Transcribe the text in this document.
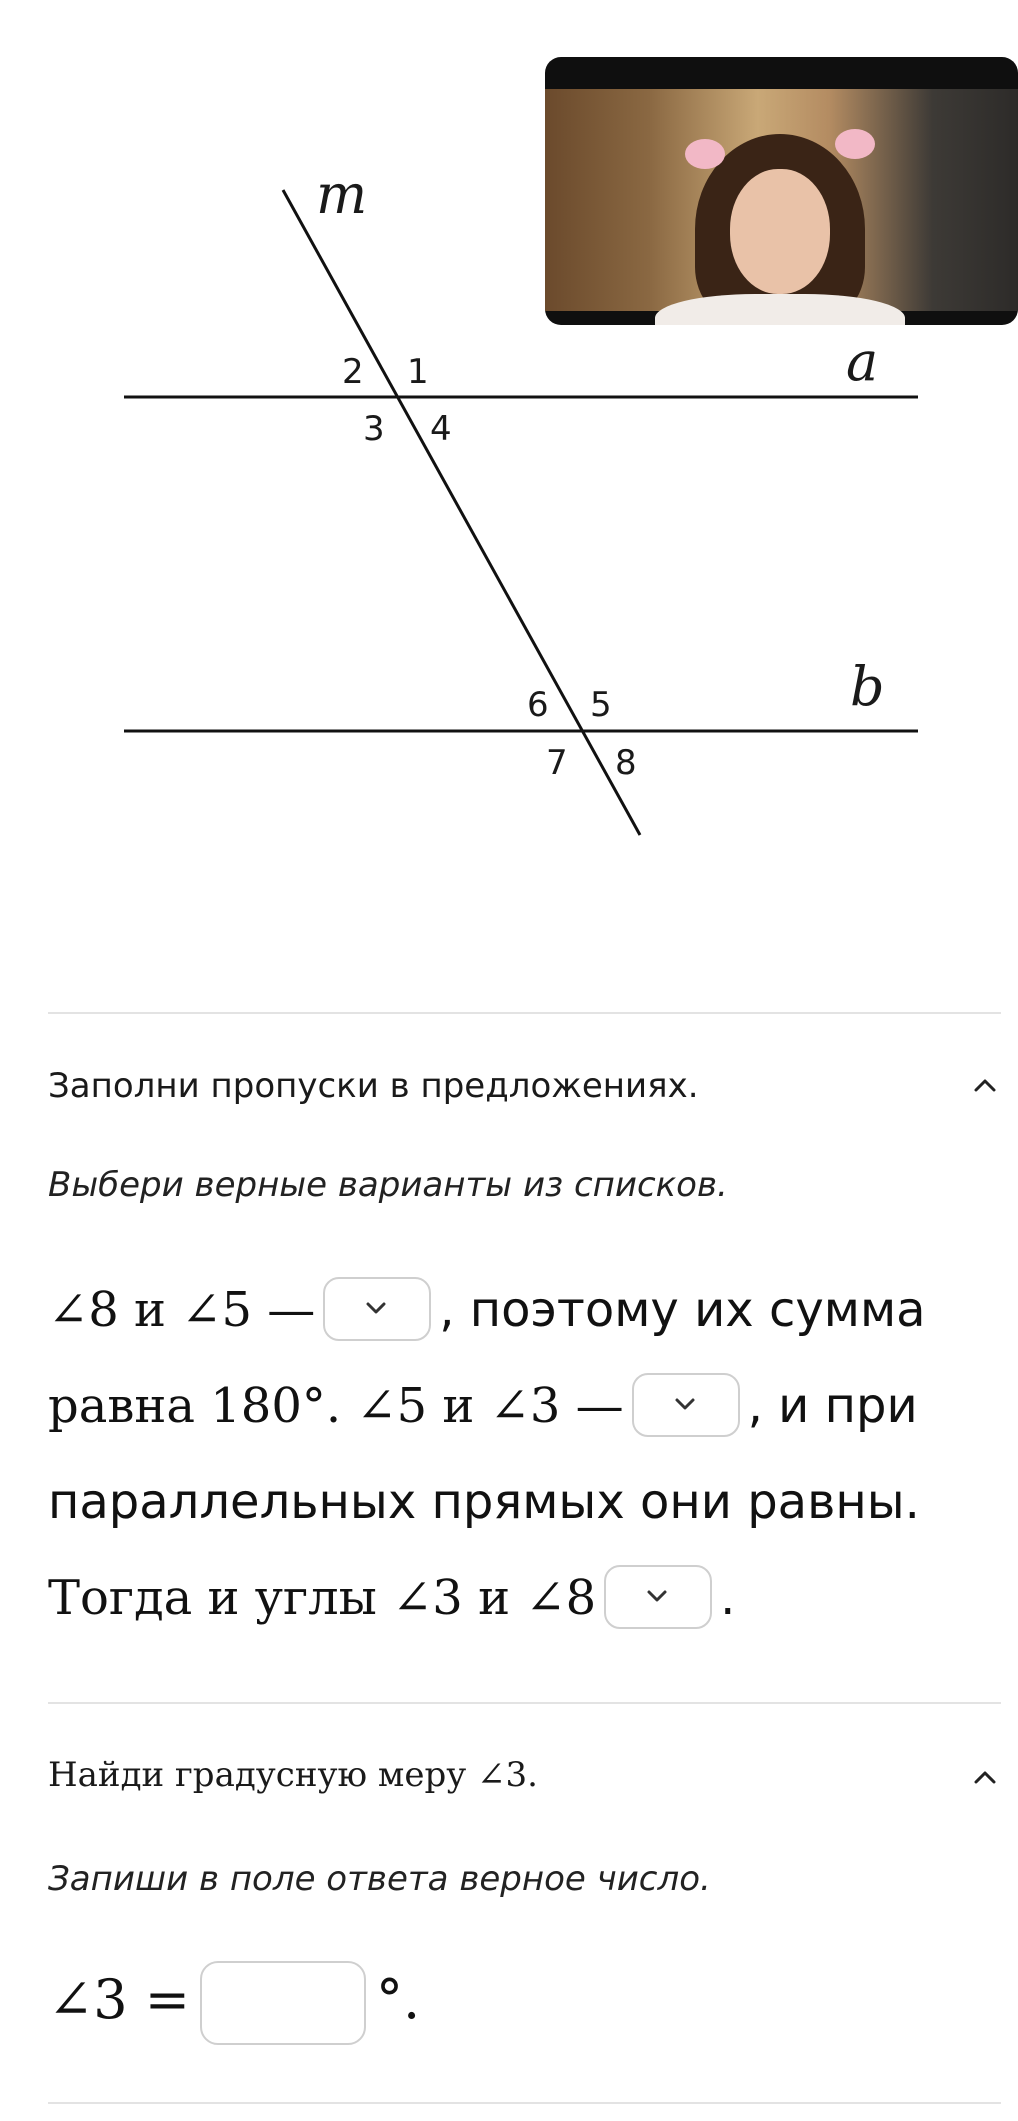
m
a
b
1
2
3 4
5
6
7 8
Заполни пропуски в предложениях.
Выбери верные варианты из списков.
∠8 и ∠5 —	, поэтому их сумма
равна 180°. ∠5 и ∠3 —	, и при
параллельных прямых они равны.
Тогда и углы ∠3 и ∠8	.
Найди градусную меру ∠3.
Запиши в поле ответа верное число.
∠3 =	°.
